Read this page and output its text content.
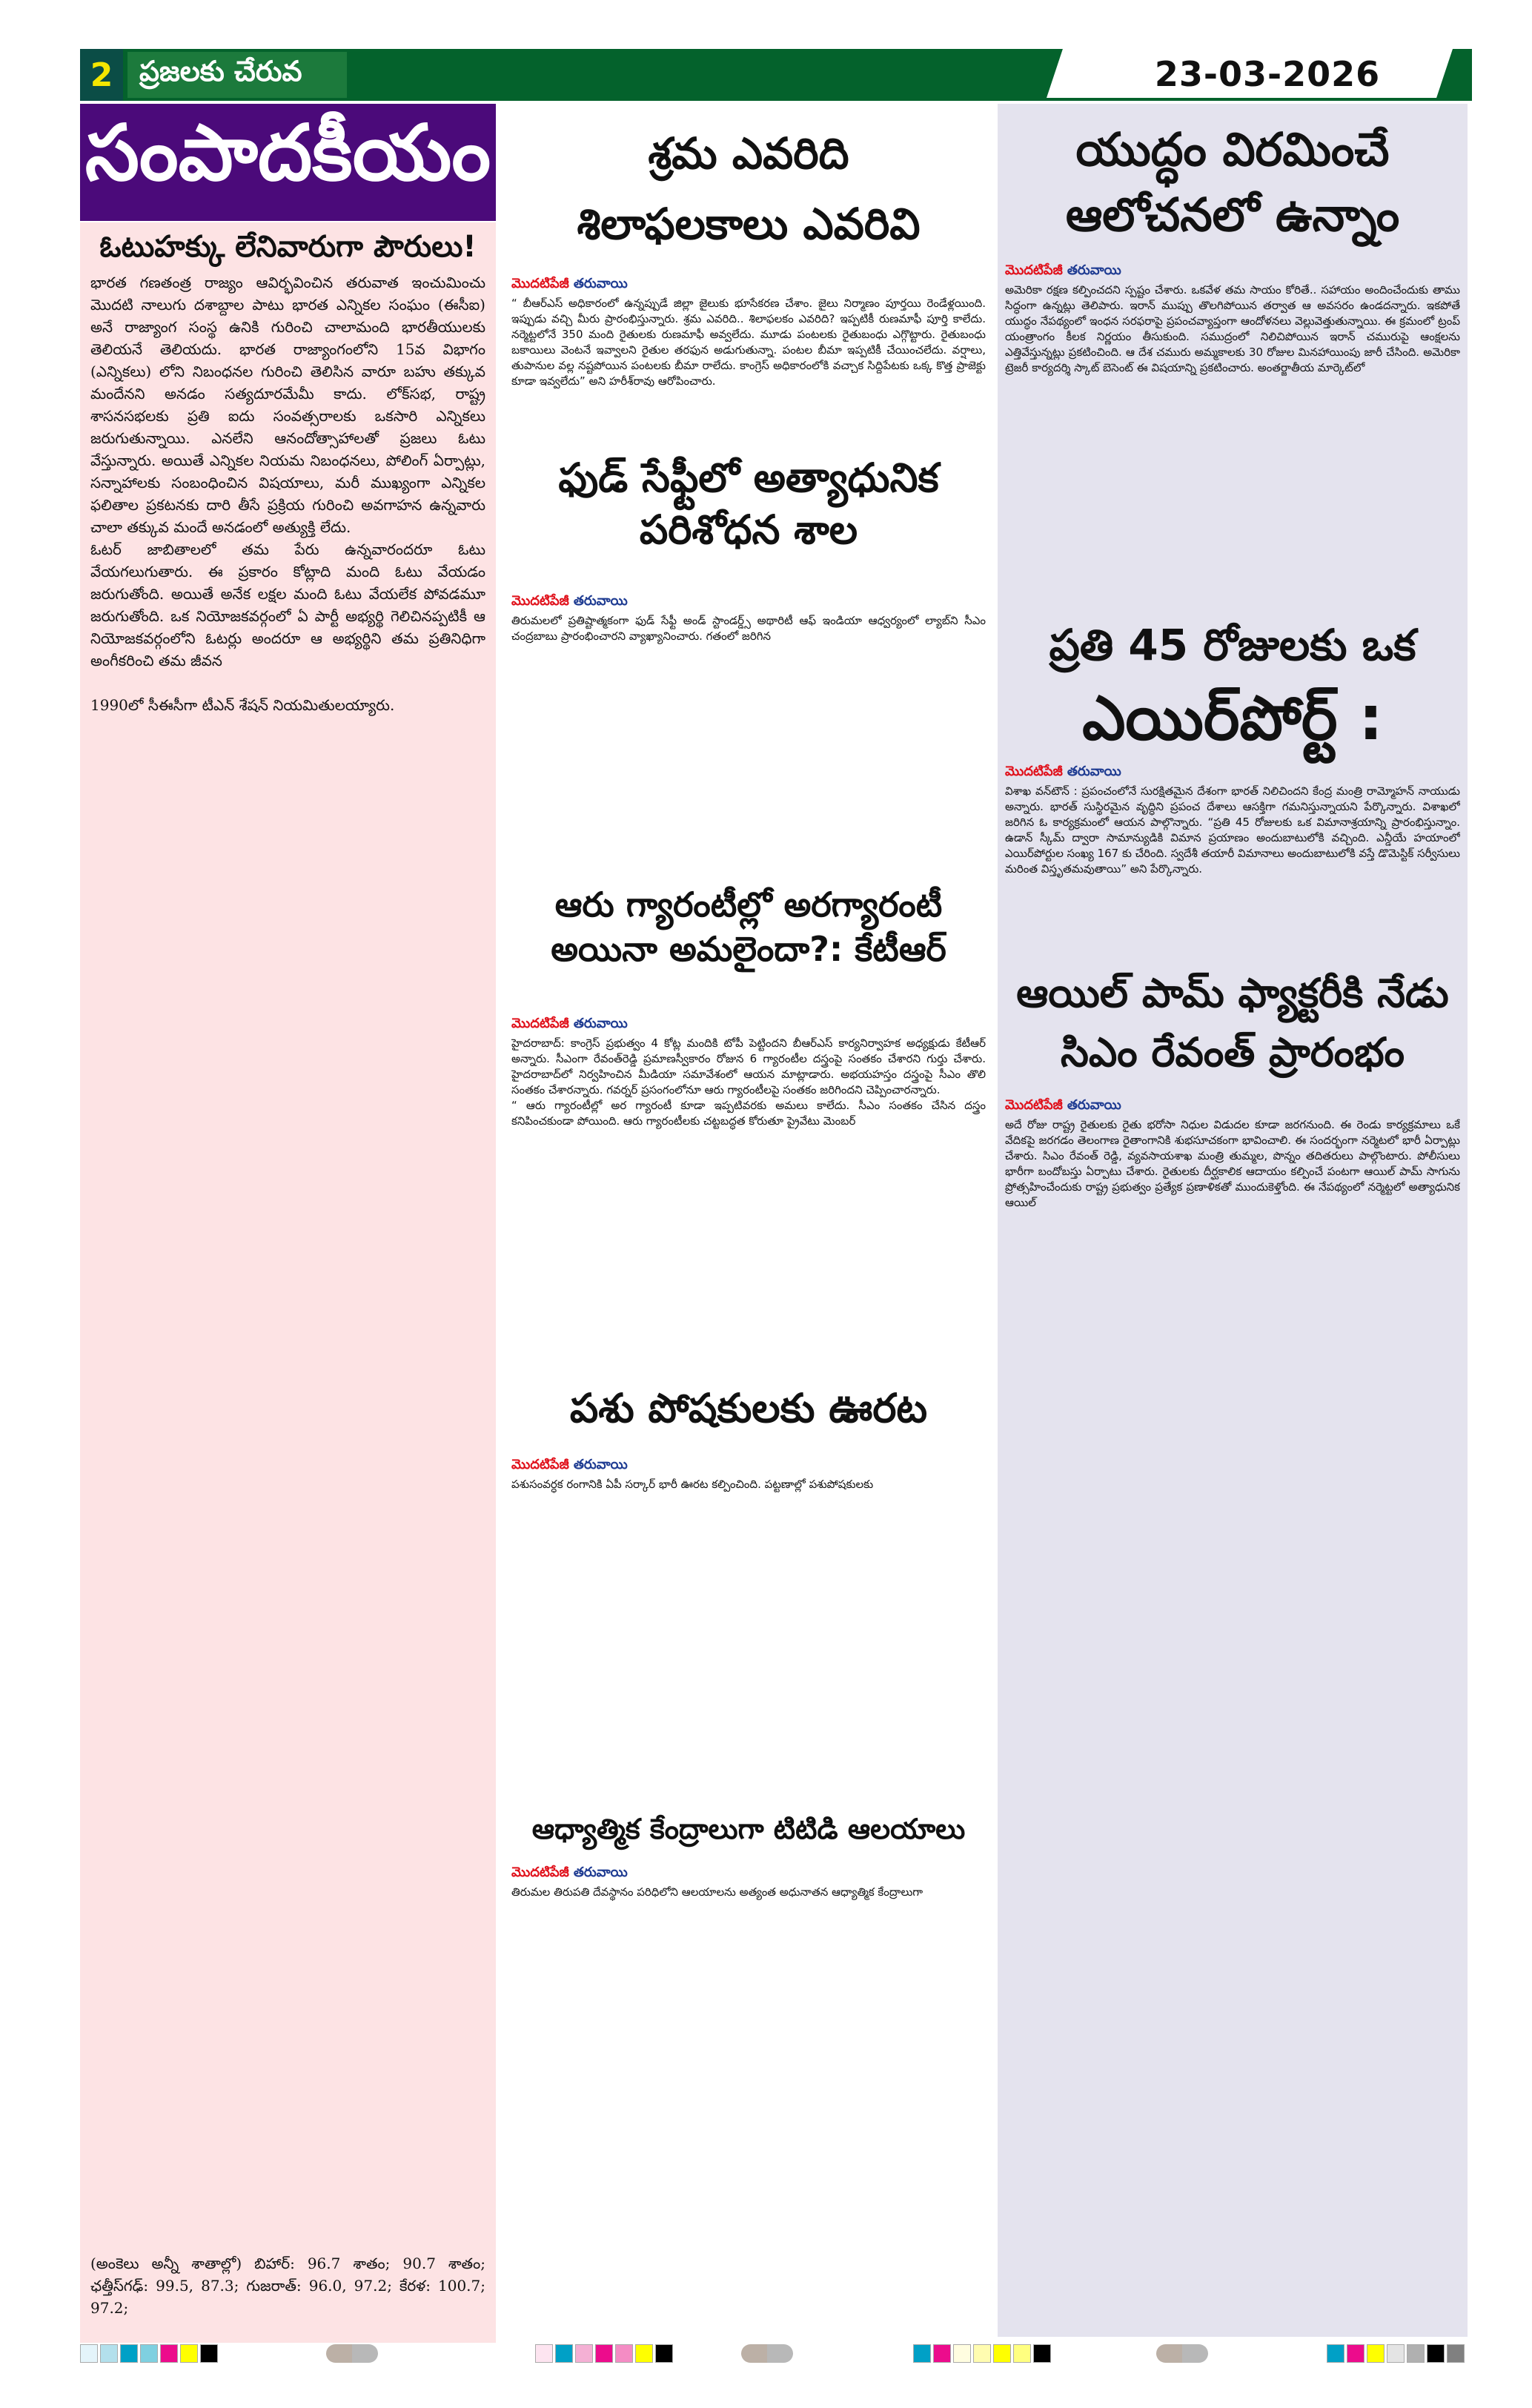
2 ప్రజలకు చేరువ	23-03-2026
సంపాదకీయం
ఓటుహక్కు లేనివారుగా పౌరులు!

భారత గణతంత్ర రాజ్యం ఆవిర్భవించిన తరువాత ఇంచుమించు మొదటి నాలుగు దశాబ్దాల పాటు భారత ఎన్నికల సంఘం (ఈసీఐ) అనే రాజ్యాంగ సంస్థ ఉనికి గురించి చాలామంది భారతీయులకు తెలియనే తెలియదు. భారత రాజ్యాంగంలోని 15వ విభాగం (ఎన్నికలు) లోని నిబంధనల గురించి తెలిసిన వారూ బహు తక్కువ మందేనని అనడం సత్యదూరమేమీ కాదు. లోక్‌సభ, రాష్ట్ర శాసనసభలకు ప్రతి ఐదు సంవత్సరాలకు ఒకసారి ఎన్నికలు జరుగుతున్నాయి. ఎనలేని ఆనందోత్సాహాలతో ప్రజలు ఓటు వేస్తున్నారు. అయితే ఎన్నికల నియమ నిబంధనలు, పోలింగ్ ఏర్పాట్లు, సన్నాహాలకు సంబంధించిన విషయాలు, మరీ ముఖ్యంగా ఎన్నికల ఫలితాల ప్రకటనకు దారి తీసే ప్రక్రియ గురించి అవగాహన ఉన్నవారు చాలా తక్కువ మందే అనడంలో అత్యుక్తి లేదు.

ఓటర్ జాబితాలలో తమ పేరు ఉన్నవారందరూ ఓటు వేయగలుగుతారు. ఈ ప్రకారం కోట్లాది మంది ఓటు వేయడం జరుగుతోంది. అయితే అనేక లక్షల మంది ఓటు వేయలేక పోవడమూ జరుగుతోంది. ఒక నియోజకవర్గంలో ఏ పార్టీ అభ్యర్థి గెలిచినప్పటికీ ఆ నియోజకవర్గంలోని ఓటర్లు అందరూ ఆ అభ్యర్థిని తమ ప్రతినిధిగా అంగీకరించి తమ జీవన

1990లో సీఈసీగా టీఎన్ శేషన్ నియమితులయ్యారు.

(అంకెలు అన్నీ శాతాల్లో) బిహార్: 96.7 శాతం; 90.7 శాతం; ఛత్తీస్‌గఢ్: 99.5, 87.3; గుజరాత్: 96.0, 97.2; కేరళ: 100.7; 97.2;
శ్రమ ఎవరిది
శిలాఫలకాలు ఎవరివి
మొదటిపేజీ తరువాయి

“ బీఆర్ఎస్ అధికారంలో ఉన్నప్పుడే జిల్లా జైలుకు భూసేకరణ చేశాం. జైలు నిర్మాణం పూర్తయి రెండేళ్లయింది. ఇప్పుడు వచ్చి మీరు ప్రారంభిస్తున్నారు. శ్రమ ఎవరిది.. శిలాఫలకం ఎవరిది? ఇప్పటికీ రుణమాఫీ పూర్తి కాలేదు. నర్మెట్టలోనే 350 మంది రైతులకు రుణమాఫీ అవ్వలేదు. మూడు పంటలకు రైతుబంధు ఎగ్గొట్టారు. రైతుబంధు బకాయిలు వెంటనే ఇవ్వాలని రైతుల తరఫున అడుగుతున్నా. పంటల బీమా ఇప్పటికీ చేయించలేదు. వర్షాలు, తుపానుల వల్ల నష్టపోయిన పంటలకు బీమా రాలేదు. కాంగ్రెస్ అధికారంలోకి వచ్చాక సిద్దిపేటకు ఒక్క కొత్త ప్రాజెక్టు కూడా ఇవ్వలేదు” అని హరీశ్‌రావు ఆరోపించారు.

ఫుడ్ సేఫ్టీలో అత్యాధునిక
పరిశోధన శాల
మొదటిపేజీ తరువాయి

తిరుమలలో ప్రతిష్టాత్మకంగా ఫుడ్ సేఫ్టీ అండ్ స్టాండర్డ్స్ అథారిటీ ఆఫ్ ఇండియా ఆధ్వర్యంలో ల్యాబ్‌ని సీఎం చంద్రబాబు ప్రారంభించారని వ్యాఖ్యానించారు. గతంలో జరిగిన

ఆరు గ్యారంటీల్లో అరగ్యారంటీ
అయినా అమలైందా?: కేటీఆర్
మొదటిపేజీ తరువాయి

హైదరాబాద్: కాంగ్రెస్ ప్రభుత్వం 4 కోట్ల మందికి టోపీ పెట్టిందని బీఆర్ఎస్ కార్యనిర్వాహక అధ్యక్షుడు కేటీఆర్ అన్నారు. సీఎంగా రేవంత్‌రెడ్డి ప్రమాణస్వీకారం రోజున 6 గ్యారంటీల దస్త్రంపై సంతకం చేశారని గుర్తు చేశారు. హైదరాబాద్‌లో నిర్వహించిన మీడియా సమావేశంలో ఆయన మాట్లాడారు. అభయహస్తం దస్త్రంపై సీఎం తొలి సంతకం చేశారన్నారు. గవర్నర్ ప్రసంగంలోనూ ఆరు గ్యారంటీలపై సంతకం జరిగిందని చెప్పించారన్నారు.

“ ఆరు గ్యారంటీల్లో అర గ్యారంటీ కూడా ఇప్పటివరకు అమలు కాలేదు. సీఎం సంతకం చేసిన దస్త్రం కనిపించకుండా పోయింది. ఆరు గ్యారంటీలకు చట్టబద్ధత కోరుతూ ప్రైవేటు మెంబర్

పశు పోషకులకు ఊరట
మొదటిపేజీ తరువాయి

పశుసంవర్ధక రంగానికి ఏపీ సర్కార్ భారీ ఊరట కల్పించింది. పట్టణాల్లో పశుపోషకులకు

ఆధ్యాత్మిక కేంద్రాలుగా టిటిడి ఆలయాలు
మొదటిపేజీ తరువాయి

తిరుమల తిరుపతి దేవస్థానం పరిధిలోని ఆలయాలను అత్యంత అధునాతన ఆధ్యాత్మిక కేంద్రాలుగా

యుద్ధం విరమించే
ఆలోచనలో ఉన్నాం
మొదటిపేజీ తరువాయి

అమెరికా రక్షణ కల్పించదని స్పష్టం చేశారు. ఒకవేళ తమ సాయం కోరితే.. సహాయం అందించేందుకు తాము సిద్ధంగా ఉన్నట్లు తెలిపారు. ఇరాన్ ముప్పు తొలగిపోయిన తర్వాత ఆ అవసరం ఉండదన్నారు. ఇకపోతే యుద్ధం నేపథ్యంలో ఇంధన సరఫరాపై ప్రపంచవ్యాప్తంగా ఆందోళనలు వెల్లువెత్తుతున్నాయి. ఈ క్రమంలో ట్రంప్ యంత్రాంగం కీలక నిర్ణయం తీసుకుంది. సముద్రంలో నిలిచిపోయిన ఇరాన్ చమురుపై ఆంక్షలను ఎత్తివేస్తున్నట్లు ప్రకటించింది. ఆ దేశ చమురు అమ్మకాలకు 30 రోజుల మినహాయింపు జారీ చేసింది. అమెరికా ట్రెజరీ కార్యదర్శి స్కాట్ బెసెంట్ ఈ విషయాన్ని ప్రకటించారు. అంతర్జాతీయ మార్కెట్‌లో

ప్రతి 45 రోజులకు ఒక
ఎయిర్‌పోర్ట్ :
మొదటిపేజీ తరువాయి

విశాఖ వన్‌టౌన్ : ప్రపంచంలోనే సురక్షితమైన దేశంగా భారత్ నిలిచిందని కేంద్ర మంత్రి రామ్మోహన్ నాయుడు అన్నారు. భారత్ సుస్థిరమైన వృద్ధిని ప్రపంచ దేశాలు ఆసక్తిగా గమనిస్తున్నాయని పేర్కొన్నారు. విశాఖలో జరిగిన ఓ కార్యక్రమంలో ఆయన పాల్గొన్నారు. “ప్రతి 45 రోజులకు ఒక విమానాశ్రయాన్ని ప్రారంభిస్తున్నాం. ఉడాన్ స్కీమ్ ద్వారా సామాన్యుడికి విమాన ప్రయాణం అందుబాటులోకి వచ్చింది. ఎన్డీయే హయాంలో ఎయిర్‌పోర్టుల సంఖ్య 167 కు చేరింది. స్వదేశీ తయారీ విమానాలు అందుబాటులోకి వస్తే డొమెస్టిక్ సర్వీసులు మరింత విస్తృతమవుతాయి” అని పేర్కొన్నారు.

ఆయిల్ పామ్ ఫ్యాక్టరీకి నేడు
సిఎం రేవంత్ ప్రారంభం
మొదటిపేజీ తరువాయి

అదే రోజు రాష్ట్ర రైతులకు రైతు భరోసా నిధుల విడుదల కూడా జరగనుంది. ఈ రెండు కార్యక్రమాలు ఒకే వేదికపై జరగడం తెలంగాణ రైతాంగానికి శుభసూచకంగా భావించాలి. ఈ సందర్భంగా నర్మెటలో భారీ ఏర్పాట్లు చేశారు. సిఎం రేవంత్ రెడ్డి, వ్యవసాయశాఖ మంత్రి తుమ్మల, పొన్నం తదితరులు పాల్గొంటారు. పోలీసులు భారీగా బందోబస్తు ఏర్పాటు చేశారు. రైతులకు దీర్ఘకాలిక ఆదాయం కల్పించే పంటగా ఆయిల్ పామ్ సాగును ప్రోత్సహించేందుకు రాష్ట్ర ప్రభుత్వం ప్రత్యేక ప్రణాళికతో ముందుకెళ్తోంది. ఈ నేపథ్యంలో నర్మెట్టలో అత్యాధునిక ఆయిల్
